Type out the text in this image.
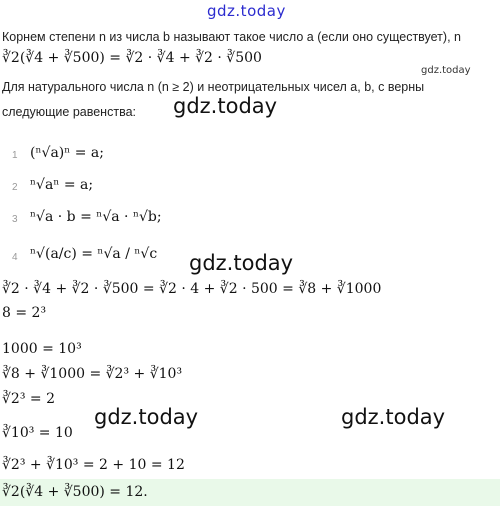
gdz.today
Корнем степени n из числа b называют такое число a (если оно существует), n
∛2(∛4 + ∛500) = ∛2 · ∛4 + ∛2 · ∛500
gdz.today
Для натурального числа n (n ≥ 2) и неотрицательных чисел a, b, c верны
следующие равенства: gdz.today
1 (ⁿ√a)ⁿ = a;
2 ⁿ√aⁿ = a;
3 ⁿ√a · b = ⁿ√a · ⁿ√b;
4 ⁿ√(a/c) = ⁿ√a / ⁿ√c gdz.today
∛2 · ∛4 + ∛2 · ∛500 = ∛2 · 4 + ∛2 · 500 = ∛8 + ∛1000
8 = 2³
1000 = 10³
∛8 + ∛1000 = ∛2³ + ∛10³
∛2³ = 2
gdz.today	gdz.today
∛10³ = 10
∛2³ + ∛10³ = 2 + 10 = 12
∛2(∛4 + ∛500) = 12.
